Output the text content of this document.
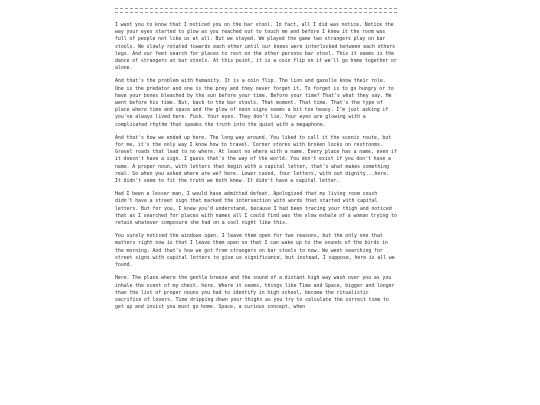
I want you to know that I noticed you on the bar stool. In fact, all I did was notice. Notice the way your eyes started to glow as you reached out to touch me and before I knew it the room was full of people not like us at all. But we stayed. We played the game two strangers play on bar stools. We slowly rotated towards each other until our knees were interlocked between each others legs. And our feet search for places to rest on the other persons bar stool. This it seems is the dance of strangers at bar stools. At this point, it is a coin flip on if we'll go home together or alone.

And that's the problem with humanity. It is a coin flip. The lion and gazelle know their role. One is the predator and one is the prey and they never forget it. To forget is to go hungry or to have your bones bleached by the sun before your time. Before your time? That's what they say. He went before his time. But, back to the bar stools. That moment. That time. That's the type of place where time and space and the glow of neon signs seems a bit too heavy. I'm just asking if you've always lived here. Fuck. Your eyes. They don't lie. Your eyes are glowing with a complicated rhythm that speaks the truth into the quiet with a megaphone.

And that's how we ended up here. The long way around. You liked to call it the scenic route, but for me, it's the only way I know how to travel. Corner stores with broken locks on restrooms. Gravel roads that lead to no where. At least no where with a name. Every place has a name, even if it doesn't have a sign. I guess that's the way of the world. You don't exist if you don't have a name. A proper noun, with letters that begin with a capital letter, that's what makes something real. So when you asked where are we? here. Lower cased, four letters, with out dignity...here. It didn't seem to fit the truth we both knew. It didn't have a capital letter.

Had I been a lesser man, I would have admitted defeat. Apologized that my living room couch didn't have a street sign that marked the intersection with words that started with capital letters. But for you, I knew you'd understand, because I had been tracing your thigh and noticed that as I searched for places with names all I could find was the slow exhale of a woman trying to retain whatever composure she had on a cool night like this.

You surely noticed the windows open. I leave them open for two reasons, but the only one that matters right now is that I leave them open so that I can wake up to the sounds of the birds in the morning. And that's how we got from strangers on bar stools to now. We went searching for street signs with capital letters to give us significance, but instead, I suppose, here is all we found.

Here. The place where the gentle breeze and the sound of a distant high way wash over you as you inhale the scent of my chest. here. Where it seems, things like Time and Space, bigger and longer than the list of proper nouns you had to identify in high school, become the ritualistic sacrifice of lovers. Time dripping down your thighs as you try to calculate the correct time to get up and insist you must go home. Space, a curious concept, when
